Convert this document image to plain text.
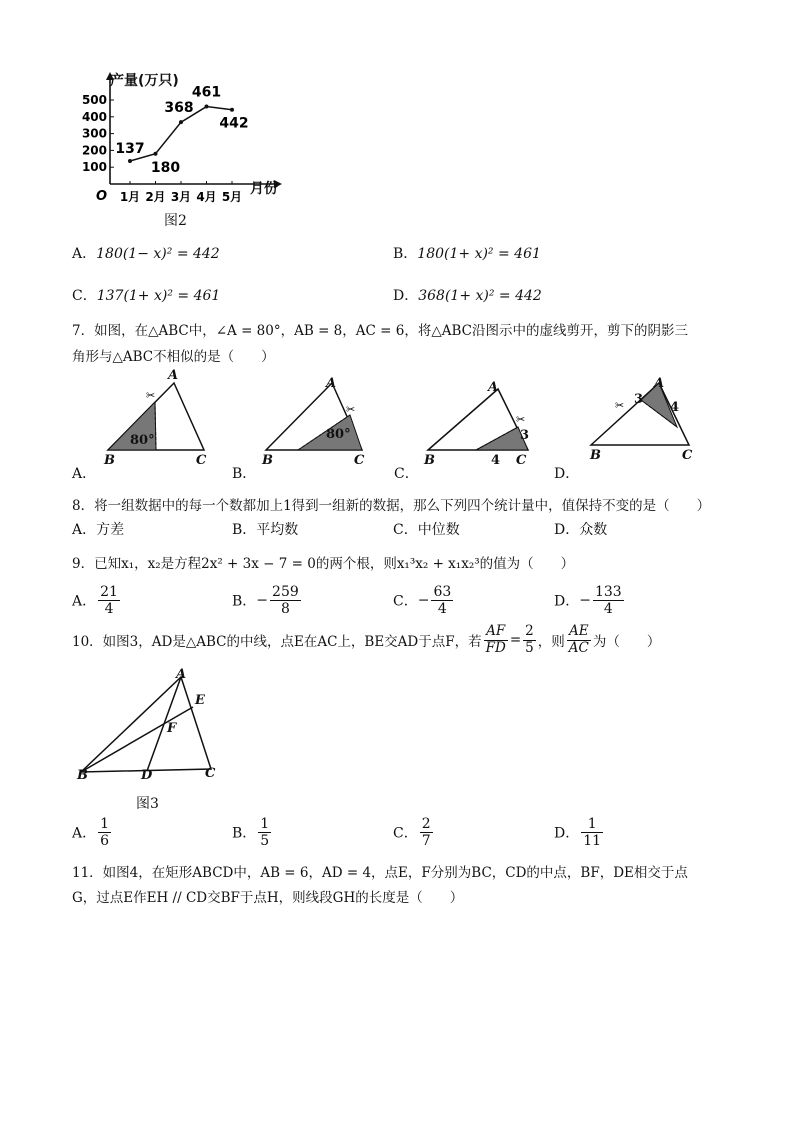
O
100
200
300
400
500
1月 2月 3月 4月 5月
137
180
368
461
442
产量(万只)
月份
图2
A．180(1− x)² = 442	B．180(1+ x)² = 461
C．137(1+ x)² = 461	D．368(1+ x)² = 442
7．如图，在△ABC中，∠A = 80°，AB = 8，AC = 6，将△ABC沿图示中的虚线剪开，剪下的阴影三
角形与△ABC不相似的是（　　）
✂
A
B	C
80°
A．
✂
A
B	C
80°
B．
✂
A
B	C
4
3
C．
✂
A
B	C
3
4
D．
8．将一组数据中的每一个数都加上1得到一组新的数据，那么下列四个统计量中，值保持不变的是（　　）
A．方差	B．平均数	C．中位数	D．众数
9．已知x₁，x₂是方程2x² + 3x − 7 = 0的两个根，则x₁³x₂ + x₁x₂³的值为（　　）
A． $\frac{21}{4}$	B．− $\frac{259}{8}$	C．− $\frac{63}{4}$	D．− $\frac{133}{4}$
10．如图3，AD是△ABC的中线，点E在AC上，BE交AD于点F，若 $\frac{AF}{FD} = \frac{2}{5}$ ，则 $\frac{AE}{AC}$ 为（　　）
A
E
F
B	D	C
图3
A． $\frac{1}{6}$	B． $\frac{1}{5}$	C． $\frac{2}{7}$	D． $\frac{1}{11}$
11．如图4，在矩形ABCD中，AB = 6，AD = 4，点E，F分别为BC，CD的中点，BF，DE相交于点
G，过点E作EH // CD交BF于点H，则线段GH的长度是（　　）
